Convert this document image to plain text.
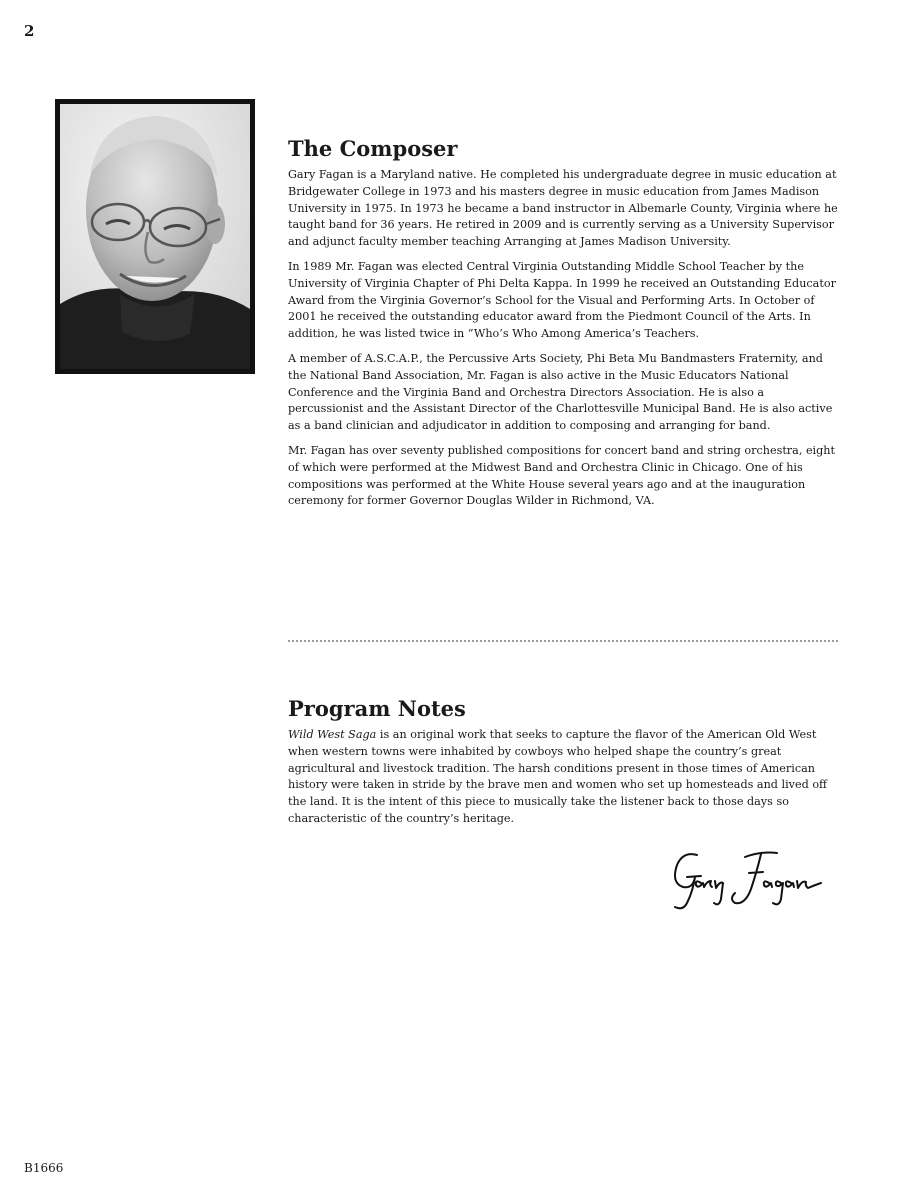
2
The Composer

Gary Fagan is a Maryland native. He completed his undergraduate degree in music education at Bridgewater College in 1973 and his masters degree in music education from James Madison University in 1975. In 1973 he became a band instructor in Albemarle County, Virginia where he taught band for 36 years. He retired in 2009 and is currently serving as a University Supervisor and adjunct faculty member teaching Arranging at James Madison University.

In 1989 Mr. Fagan was elected Central Virginia Outstanding Middle School Teacher by the University of Virginia Chapter of Phi Delta Kappa. In 1999 he received an Outstanding Educator Award from the Virginia Governor’s School for the Visual and Performing Arts. In October of 2001 he received the outstanding educator award from the Piedmont Council of the Arts. In addition, he was listed twice in “Who’s Who Among America’s Teachers.

A member of A.S.C.A.P., the Percussive Arts Society, Phi Beta Mu Bandmasters Fraternity, and the National Band Association, Mr. Fagan is also active in the Music Educators National Conference and the Virginia Band and Orchestra Directors Association. He is also a percussionist and the Assistant Director of the Charlottesville Municipal Band. He is also active as a band clinician and adjudicator in addition to composing and arranging for band.

Mr. Fagan has over seventy published compositions for concert band and string orchestra, eight of which were performed at the Midwest Band and Orchestra Clinic in Chicago. One of his compositions was performed at the White House several years ago and at the inauguration ceremony for former Governor Douglas Wilder in Richmond, VA.

Program Notes

Wild West Saga is an original work that seeks to capture the flavor of the American Old West when western towns were inhabited by cowboys who helped shape the country’s great agricultural and livestock tradition. The harsh conditions present in those times of American history were taken in stride by the brave men and women who set up homesteads and lived off the land. It is the intent of this piece to musically take the listener back to those days so characteristic of the country’s heritage.

B1666
